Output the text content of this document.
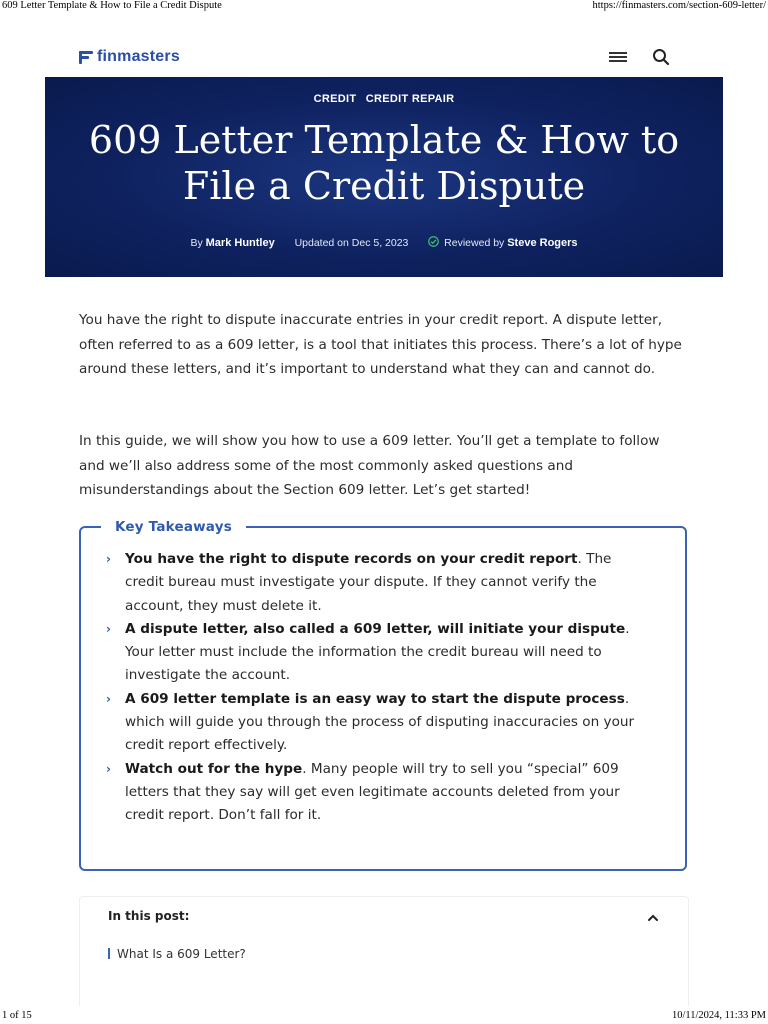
609 Letter Template & How to File a Credit Dispute	https://finmasters.com/section-609-letter/
finmasters
CREDIT CREDIT REPAIR
609 Letter Template & How to File a Credit Dispute
By Mark Huntley Updated on Dec 5, 2023	Reviewed by Steve Rogers

You have the right to dispute inaccurate entries in your credit report. A dispute letter, often referred to as a 609 letter, is a tool that initiates this process. There’s a lot of hype around these letters, and it’s important to understand what they can and cannot do.

In this guide, we will show you how to use a 609 letter. You’ll get a template to follow and we’ll also address some of the most commonly asked questions and misunderstandings about the Section 609 letter. Let’s get started!

Key Takeaways
› You have the right to dispute records on your credit report. The credit bureau must investigate your dispute. If they cannot verify the account, they must delete it.
› A dispute letter, also called a 609 letter, will initiate your dispute. Your letter must include the information the credit bureau will need to investigate the account.
› A 609 letter template is an easy way to start the dispute process. which will guide you through the process of disputing inaccuracies on your credit report effectively.
› Watch out for the hype. Many people will try to sell you “special” 609 letters that they say will get even legitimate accounts deleted from your credit report. Don’t fall for it.
In this post:
What Is a 609 Letter?
1 of 15	10/11/2024, 11:33 PM
